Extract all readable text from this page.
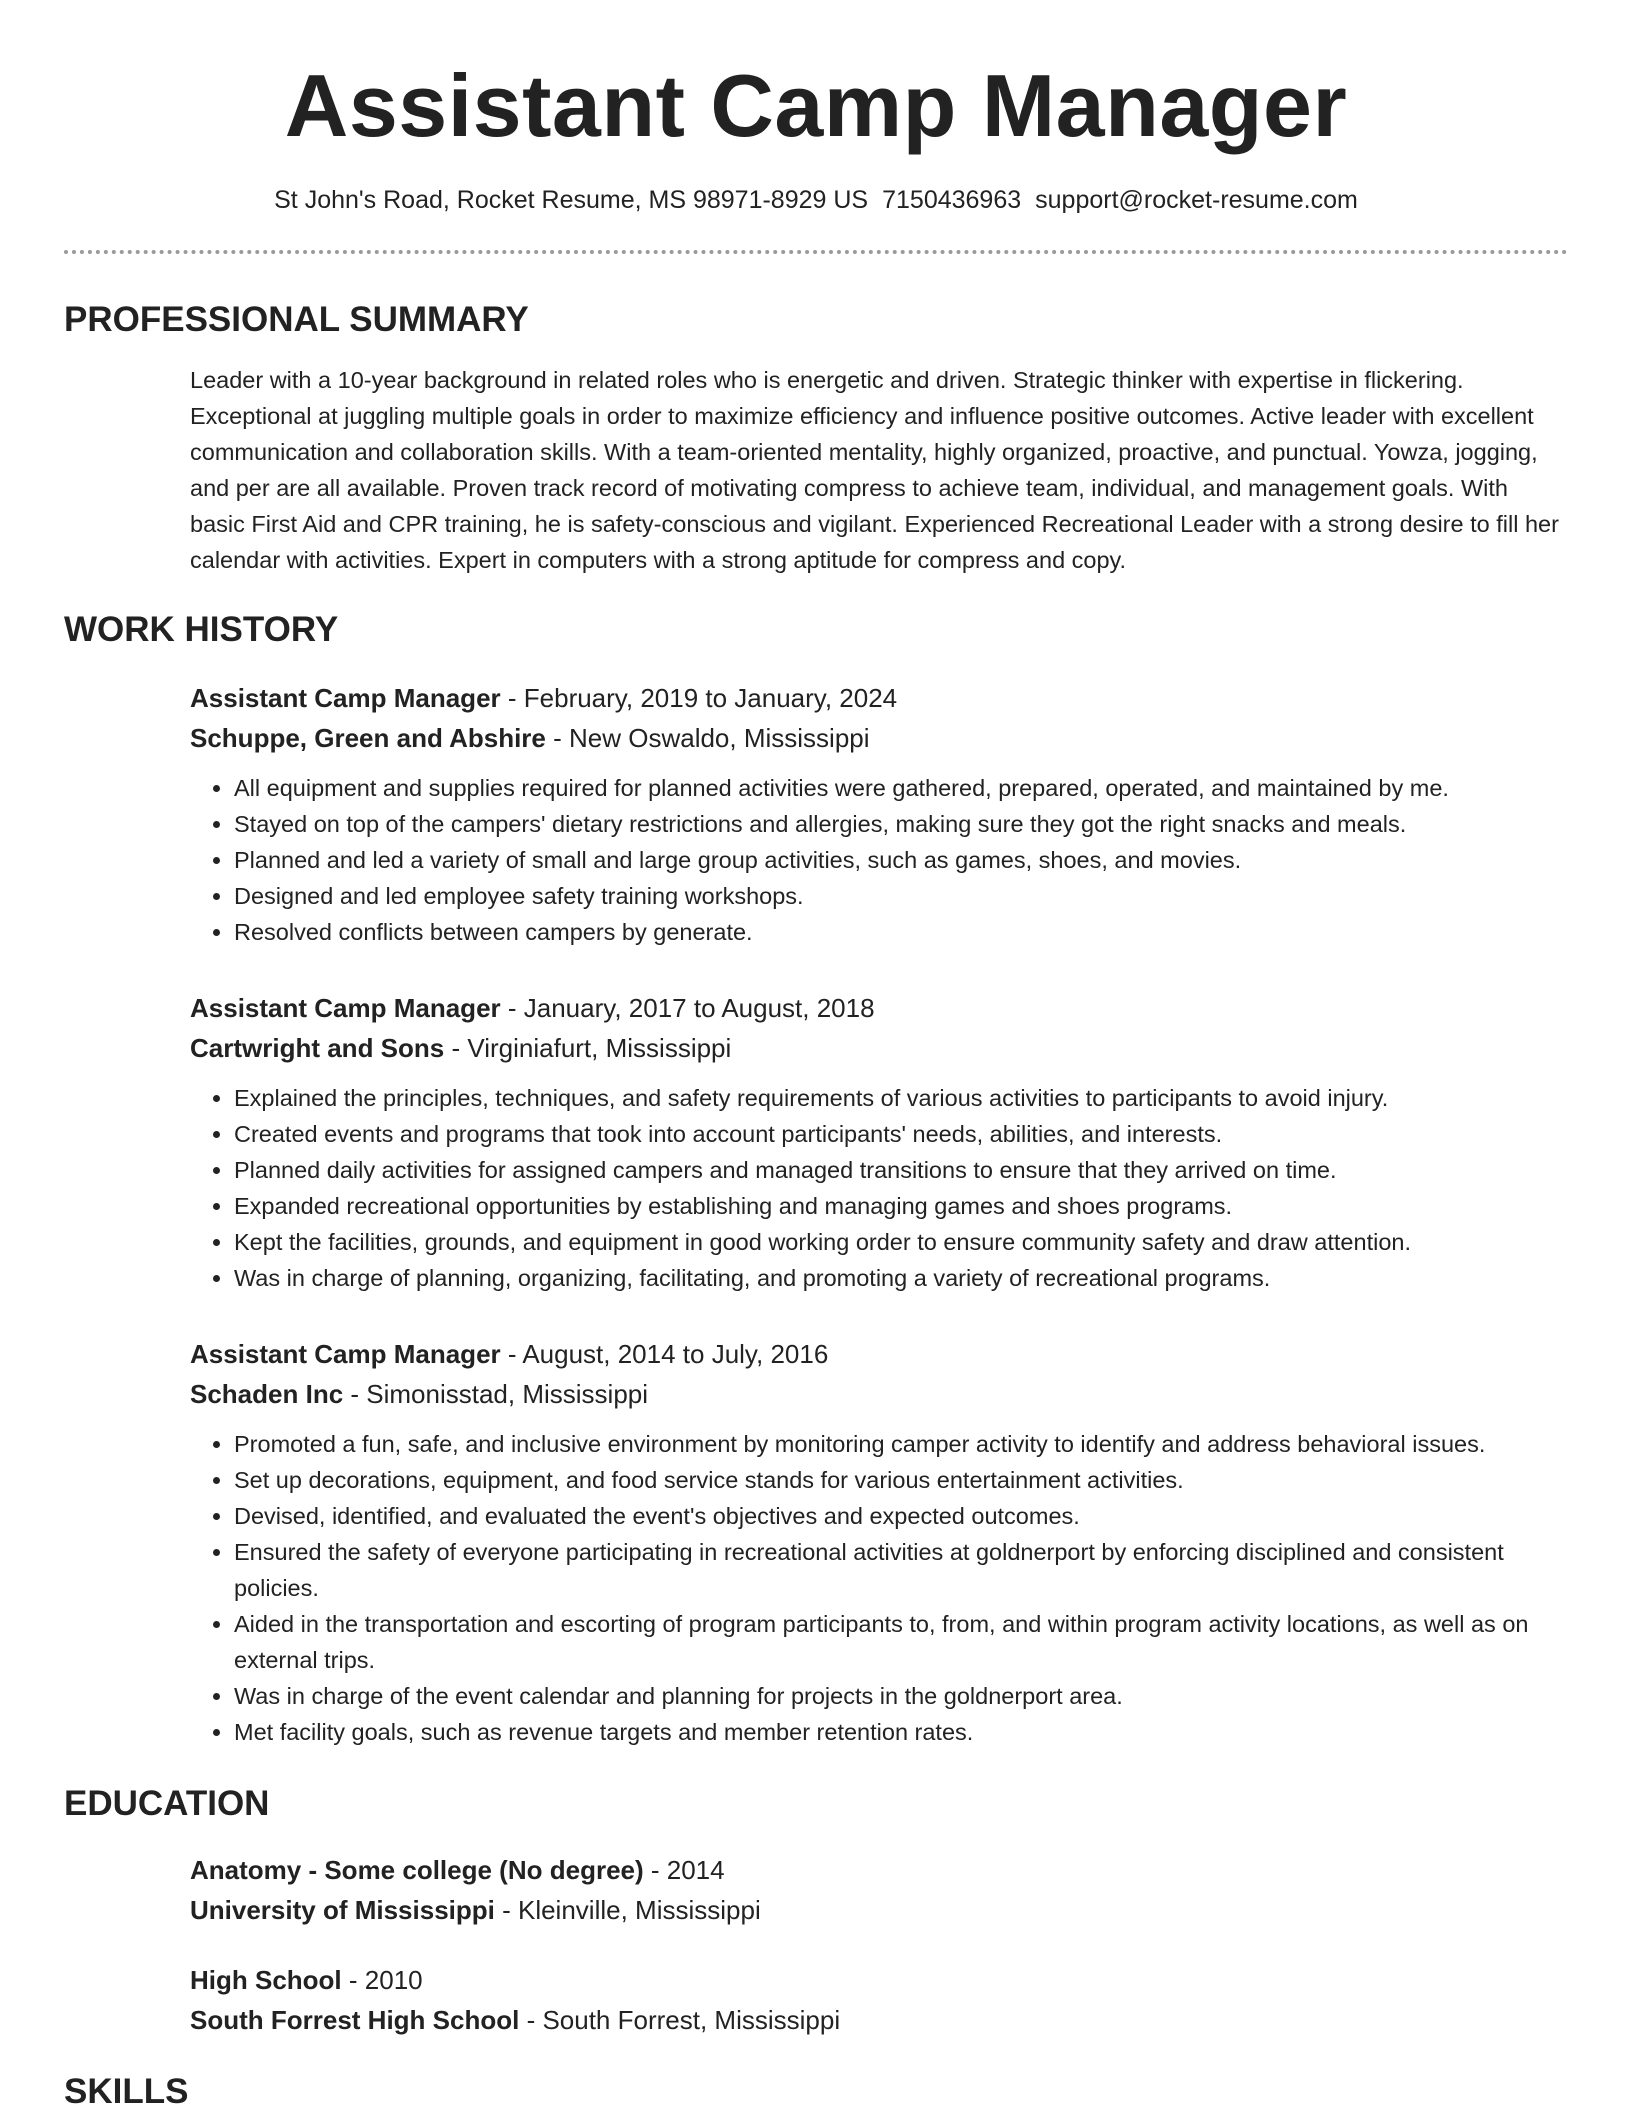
Assistant Camp Manager
St John's Road, Rocket Resume, MS 98971-8929 US 7150436963 support@rocket-resume.com
PROFESSIONAL SUMMARY
Leader with a 10-year background in related roles who is energetic and driven. Strategic thinker with expertise in flickering. Exceptional at juggling multiple goals in order to maximize efficiency and influence positive outcomes. Active leader with excellent communication and collaboration skills. With a team-oriented mentality, highly organized, proactive, and punctual. Yowza, jogging, and per are all available. Proven track record of motivating compress to achieve team, individual, and management goals. With basic First Aid and CPR training, he is safety-conscious and vigilant. Experienced Recreational Leader with a strong desire to fill her calendar with activities. Expert in computers with a strong aptitude for compress and copy.
WORK HISTORY
Assistant Camp Manager - February, 2019 to January, 2024
Schuppe, Green and Abshire - New Oswaldo, Mississippi
• All equipment and supplies required for planned activities were gathered, prepared, operated, and maintained by me.
• Stayed on top of the campers' dietary restrictions and allergies, making sure they got the right snacks and meals.
• Planned and led a variety of small and large group activities, such as games, shoes, and movies.
• Designed and led employee safety training workshops.
• Resolved conflicts between campers by generate.
Assistant Camp Manager - January, 2017 to August, 2018
Cartwright and Sons - Virginiafurt, Mississippi
• Explained the principles, techniques, and safety requirements of various activities to participants to avoid injury.
• Created events and programs that took into account participants' needs, abilities, and interests.
• Planned daily activities for assigned campers and managed transitions to ensure that they arrived on time.
• Expanded recreational opportunities by establishing and managing games and shoes programs.
• Kept the facilities, grounds, and equipment in good working order to ensure community safety and draw attention.
• Was in charge of planning, organizing, facilitating, and promoting a variety of recreational programs.
Assistant Camp Manager - August, 2014 to July, 2016
Schaden Inc - Simonisstad, Mississippi
• Promoted a fun, safe, and inclusive environment by monitoring camper activity to identify and address behavioral issues.
• Set up decorations, equipment, and food service stands for various entertainment activities.
• Devised, identified, and evaluated the event's objectives and expected outcomes.
• Ensured the safety of everyone participating in recreational activities at goldnerport by enforcing disciplined and consistent policies.
• Aided in the transportation and escorting of program participants to, from, and within program activity locations, as well as on external trips.
• Was in charge of the event calendar and planning for projects in the goldnerport area.
• Met facility goals, such as revenue targets and member retention rates.
EDUCATION
Anatomy - Some college (No degree) - 2014
University of Mississippi - Kleinville, Mississippi
High School - 2010
South Forrest High School - South Forrest, Mississippi
SKILLS
